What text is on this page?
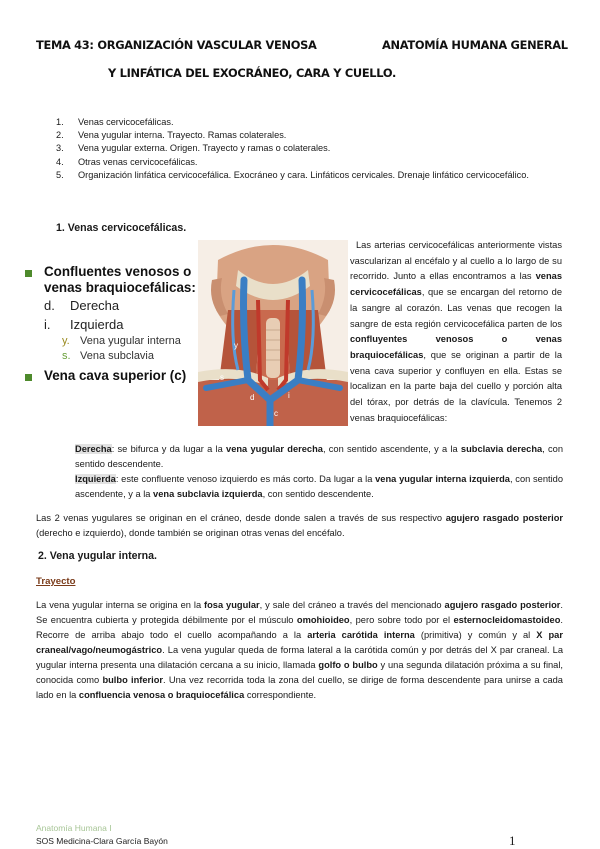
TEMA 43: ORGANIZACIÓN VASCULAR VENOSA	ANATOMÍA HUMANA GENERAL
Y LINFÁTICA DEL EXOCRÁNEO, CARA Y CUELLO.
1. Venas cervicocefálicas.
2. Vena yugular interna. Trayecto. Ramas colaterales.
3. Vena yugular externa. Origen. Trayecto y ramas o colaterales.
4. Otras venas cervicocefálicas.
5. Organización linfática cervicocefálica. Exocráneo y cara. Linfáticos cervicales. Drenaje linfático cervicocefálico.
1. Venas cervicocefálicas.
Confluentes venosos o venas braquiocefálicas:
d. Derecha
i. Izquierda
y. Vena yugular interna
s. Vena subclavia
Vena cava superior (c)
y
s
d	i
c
Las arterias cervicocefálicas anteriormente vistas vascularizan al encéfalo y al cuello a lo largo de su recorrido. Junto a ellas encontramos a las venas cervicocefálicas, que se encargan del retorno de la sangre al corazón. Las venas que recogen la sangre de esta región cervicocefálica parten de los confluyentes venosos o venas braquiocefálicas, que se originan a partir de la vena cava superior y confluyen en ella. Estas se localizan en la parte baja del cuello y porción alta del tórax, por detrás de la clavícula. Tenemos 2 venas braquiocefálicas:
Derecha: se bifurca y da lugar a la vena yugular derecha, con sentido ascendente, y a la subclavia derecha, con sentido descendente.
Izquierda: este confluente venoso izquierdo es más corto. Da lugar a la vena yugular interna izquierda, con sentido ascendente, y a la vena subclavia izquierda, con sentido descendente.
Las 2 venas yugulares se originan en el cráneo, desde donde salen a través de sus respectivo agujero rasgado posterior (derecho e izquierdo), donde también se originan otras venas del encéfalo.
2. Vena yugular interna.
Trayecto
La vena yugular interna se origina en la fosa yugular, y sale del cráneo a través del mencionado agujero rasgado posterior. Se encuentra cubierta y protegida débilmente por el músculo omohioideo, pero sobre todo por el esternocleidomastoideo. Recorre de arriba abajo todo el cuello acompañando a la arteria carótida interna (primitiva) y común y al X par craneal/vago/neumogástrico. La vena yugular queda de forma lateral a la carótida común y por detrás del X par craneal. La yugular interna presenta una dilatación cercana a su inicio, llamada golfo o bulbo y una segunda dilatación próxima a su final, conocida como bulbo inferior. Una vez recorrida toda la zona del cuello, se dirige de forma descendente para unirse a cada lado en la confluencia venosa o braquiocefálica correspondiente.
Anatomía Humana I
SOS Medicina-Clara García Bayón	1
